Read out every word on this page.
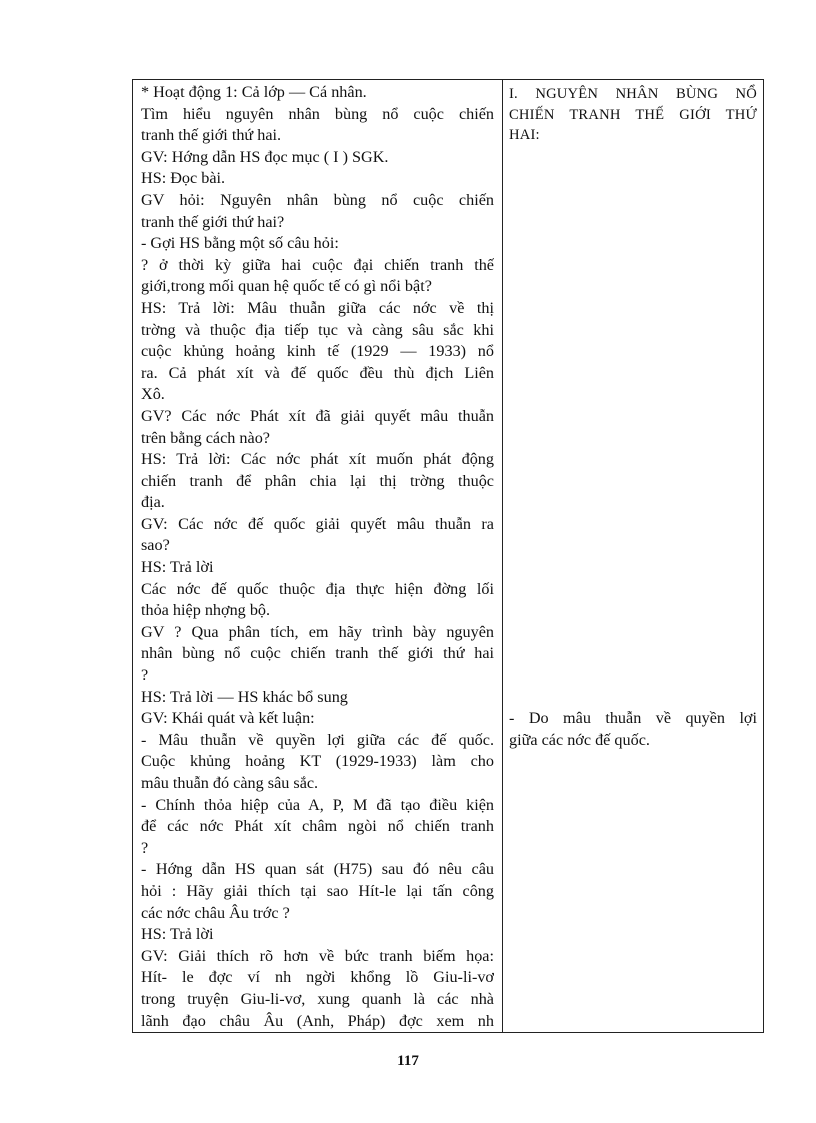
* Hoạt động 1: Cả lớp — Cá nhân.
Tìm hiểu nguyên nhân bùng nổ cuộc chiến
tranh thế giới thứ hai.
GV: Hớng dẫn HS đọc mục ( I ) SGK.
HS: Đọc bài.
GV hỏi: Nguyên nhân bùng nổ cuộc chiến
tranh thế giới thứ hai?
- Gợi HS bằng một số câu hỏi:
? ở thời kỳ giữa hai cuộc đại chiến tranh thế
giới,trong mối quan hệ quốc tế có gì nổi bật?
HS: Trả lời: Mâu thuẫn giữa các nớc về thị
trờng và thuộc địa tiếp tục và càng sâu sắc khi
cuộc khủng hoảng kinh tế (1929 — 1933) nổ
ra. Cả phát xít và đế quốc đều thù địch Liên
Xô.
GV? Các nớc Phát xít đã giải quyết mâu thuẫn
trên bằng cách nào?
HS: Trả lời: Các nớc phát xít muốn phát động
chiến tranh để phân chia lại thị trờng thuộc
địa.
GV: Các nớc đế quốc giải quyết mâu thuẫn ra
sao?
HS: Trả lời
Các nớc đế quốc thuộc địa thực hiện đờng lối
thỏa hiệp nhợng bộ.
GV ? Qua phân tích, em hãy trình bày nguyên
nhân bùng nổ cuộc chiến tranh thế giới thứ hai
?
HS: Trả lời — HS khác bổ sung
GV: Khái quát và kết luận:
- Mâu thuẫn về quyền lợi giữa các đế quốc.
Cuộc khủng hoảng KT (1929-1933) làm cho
mâu thuẫn đó càng sâu sắc.
- Chính thỏa hiệp của A, P, M đã tạo điều kiện
để các nớc Phát xít châm ngòi nổ chiến tranh
?
- Hớng dẫn HS quan sát (H75) sau đó nêu câu
hỏi : Hãy giải thích tại sao Hít-le lại tấn công
các nớc châu Âu trớc ?
HS: Trả lời
GV: Giải thích rõ hơn về bức tranh biếm họa:
Hít- le đợc ví nh ngời khổng lồ Giu-li-vơ
trong truyện Giu-li-vơ, xung quanh là các nhà
lãnh đạo châu Âu (Anh, Pháp) đợc xem nh
I. NGUYÊN NHÂN BÙNG NỔ
CHIẾN TRANH THẾ GIỚI THỨ
HAI:
- Do mâu thuẫn về quyền lợi
giữa các nớc đế quốc.
117
